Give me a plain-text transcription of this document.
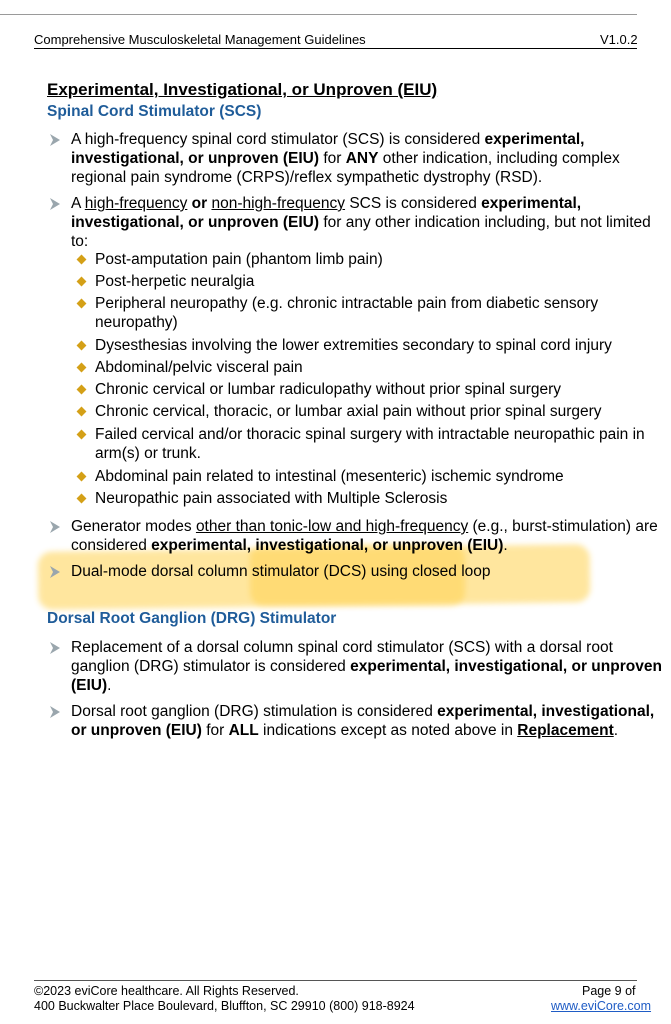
Comprehensive Musculoskeletal Management Guidelines	V1.0.2
Experimental, Investigational, or Unproven (EIU)
Spinal Cord Stimulator (SCS)
A high-frequency spinal cord stimulator (SCS) is considered experimental, investigational, or unproven (EIU) for ANY other indication, including complex regional pain syndrome (CRPS)/reflex sympathetic dystrophy (RSD).
A high-frequency or non-high-frequency SCS is considered experimental, investigational, or unproven (EIU) for any other indication including, but not limited to:
Post-amputation pain (phantom limb pain)
Post-herpetic neuralgia
Peripheral neuropathy (e.g. chronic intractable pain from diabetic sensory neuropathy)
Dysesthesias involving the lower extremities secondary to spinal cord injury
Abdominal/pelvic visceral pain
Chronic cervical or lumbar radiculopathy without prior spinal surgery
Chronic cervical, thoracic, or lumbar axial pain without prior spinal surgery
Failed cervical and/or thoracic spinal surgery with intractable neuropathic pain in arm(s) or trunk.
Abdominal pain related to intestinal (mesenteric) ischemic syndrome
Neuropathic pain associated with Multiple Sclerosis
Generator modes other than tonic-low and high-frequency (e.g., burst-stimulation) are considered experimental, investigational, or unproven (EIU).
Dual-mode dorsal column stimulator (DCS) using closed loop
Dorsal Root Ganglion (DRG) Stimulator
Replacement of a dorsal column spinal cord stimulator (SCS) with a dorsal root ganglion (DRG) stimulator is considered experimental, investigational, or unproven (EIU).
Dorsal root ganglion (DRG) stimulation is considered experimental, investigational, or unproven (EIU) for ALL indications except as noted above in Replacement.
©2023 eviCore healthcare. All Rights Reserved.
400 Buckwalter Place Boulevard, Bluffton, SC 29910 (800) 918-8924
Page 9 of
www.eviCore.com
